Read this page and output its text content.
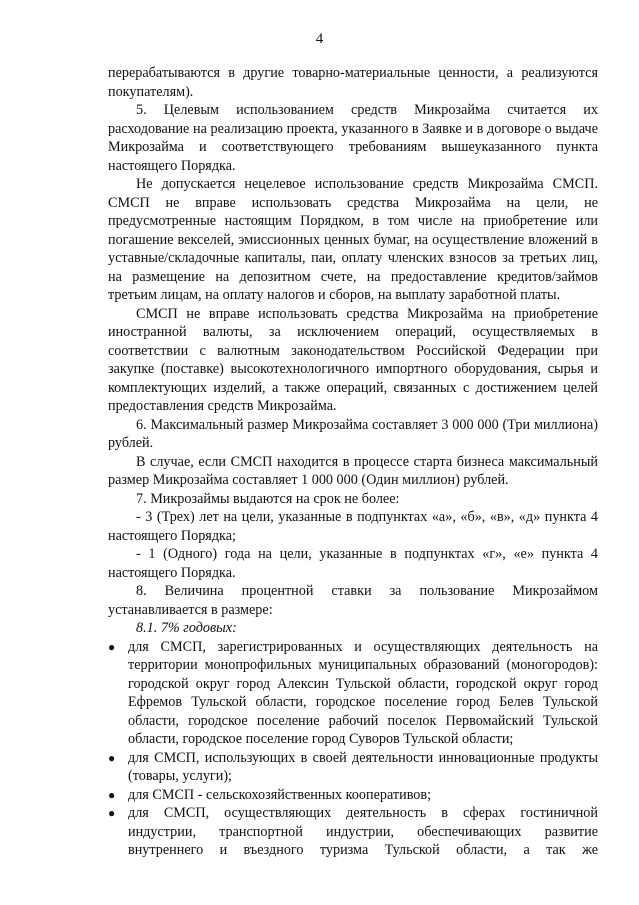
4

перерабатываются в другие товарно-материальные ценности, а реализуются покупателям).

5. Целевым использованием средств Микрозайма считается их расходование на реализацию проекта, указанного в Заявке и в договоре о выдаче Микрозайма и соответствующего требованиям вышеуказанного пункта настоящего Порядка.

Не допускается нецелевое использование средств Микрозайма СМСП. СМСП не вправе использовать средства Микрозайма на цели, не предусмотренные настоящим Порядком, в том числе на приобретение или погашение векселей, эмиссионных ценных бумаг, на осуществление вложений в уставные/складочные капиталы, паи, оплату членских взносов за третьих лиц, на размещение на депозитном счете, на предоставление кредитов/займов третьим лицам, на оплату налогов и сборов, на выплату заработной платы.

СМСП не вправе использовать средства Микрозайма на приобретение иностранной валюты, за исключением операций, осуществляемых в соответствии с валютным законодательством Российской Федерации при закупке (поставке) высокотехнологичного импортного оборудования, сырья и комплектующих изделий, а также операций, связанных с достижением целей предоставления средств Микрозайма.

6. Максимальный размер Микрозайма составляет 3 000 000 (Три миллиона) рублей.

В случае, если СМСП находится в процессе старта бизнеса максимальный размер Микрозайма составляет 1 000 000 (Один миллион) рублей.

7. Микрозаймы выдаются на срок не более:

- 3 (Трех) лет на цели, указанные в подпунктах «а», «б», «в», «д» пункта 4 настоящего Порядка;

- 1 (Одного) года на цели, указанные в подпунктах «г», «е» пункта 4 настоящего Порядка.

8. Величина процентной ставки за пользование Микрозаймом устанавливается в размере:

8.1. 7% годовых:

● для СМСП, зарегистрированных и осуществляющих деятельность на территории монопрофильных муниципальных образований (моногородов): городской округ город Алексин Тульской области, городской округ город Ефремов Тульской области, городское поселение город Белев Тульской области, городское поселение рабочий поселок Первомайский Тульской области, городское поселение город Суворов Тульской области;

● для СМСП, использующих в своей деятельности инновационные продукты (товары, услуги);

● для СМСП - сельскохозяйственных кооперативов;

● для СМСП, осуществляющих деятельность в сферах гостиничной индустрии, транспортной индустрии, обеспечивающих развитие внутреннего и въездного туризма Тульской области, а так же
